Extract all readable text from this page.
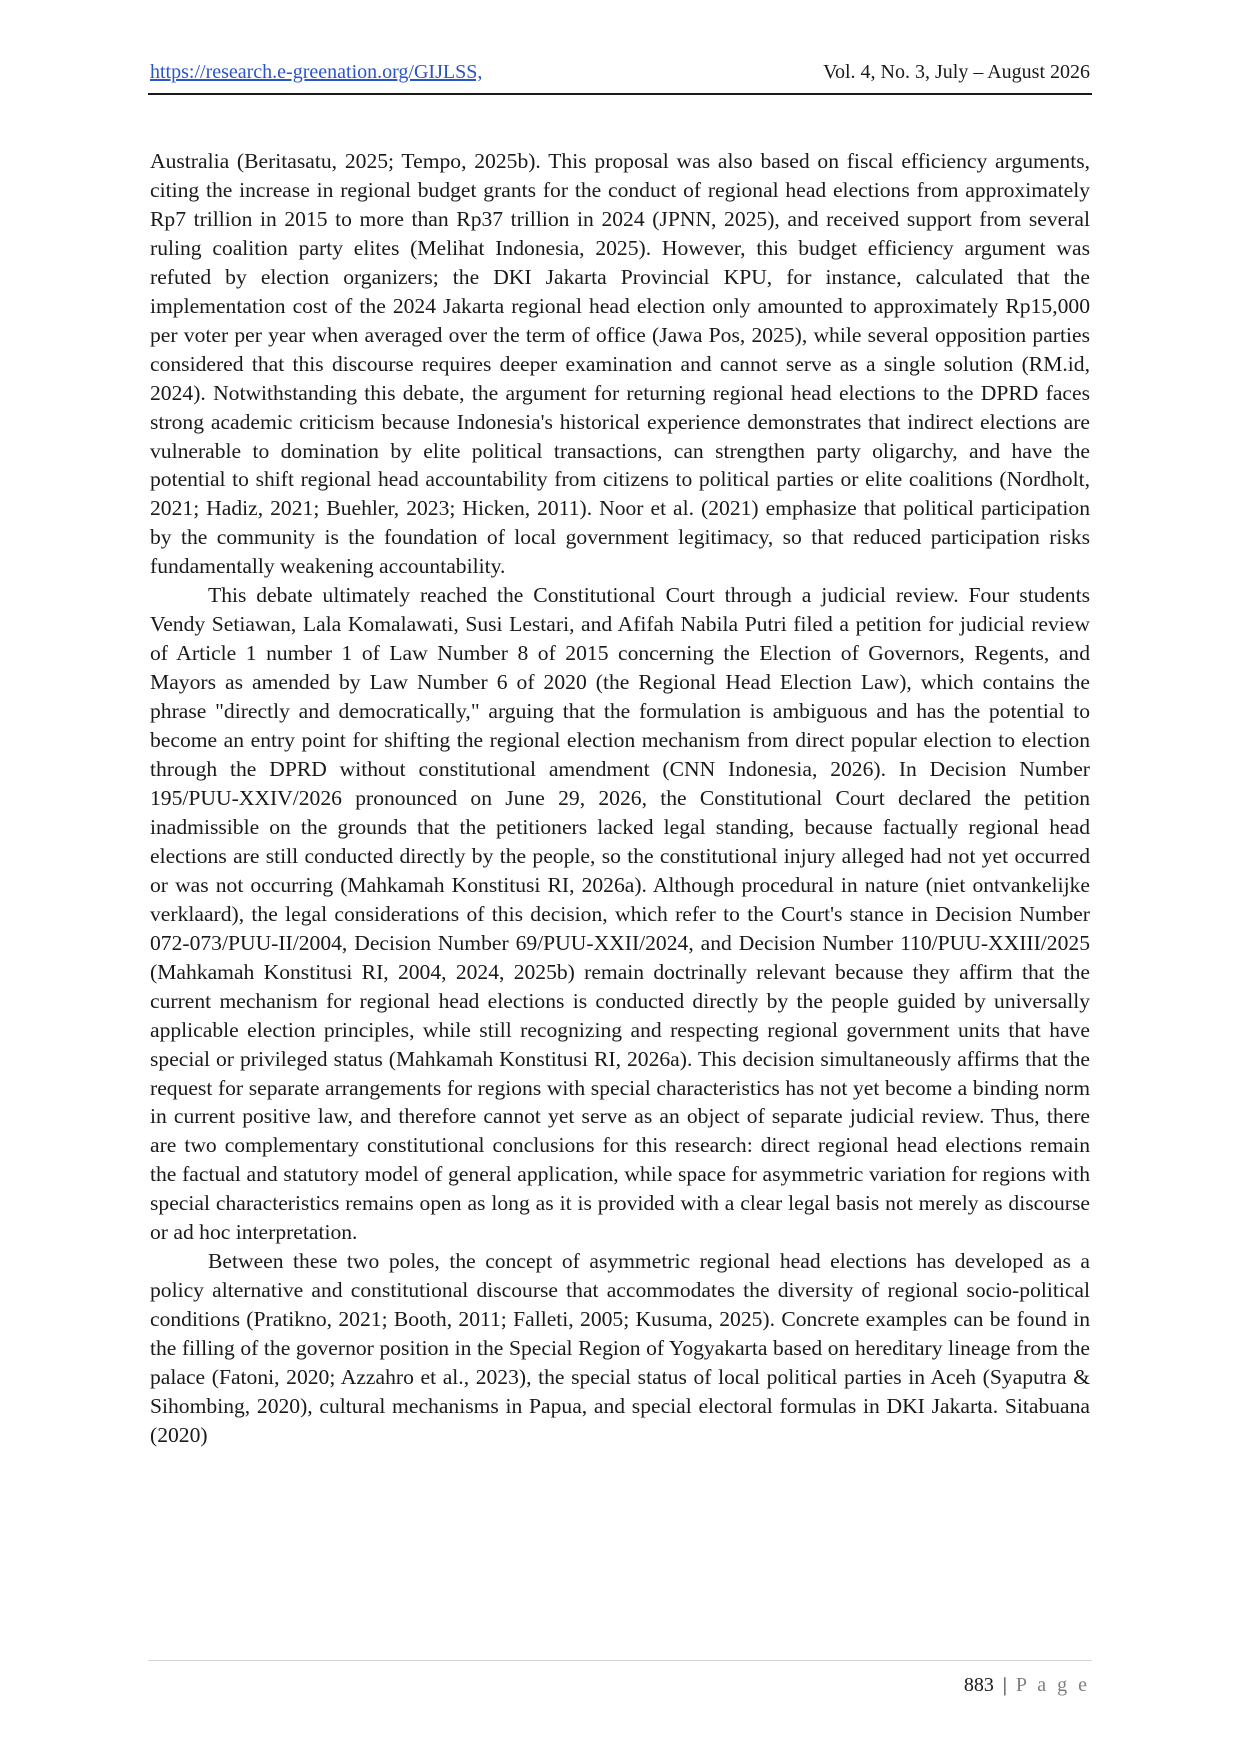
https://research.e-greenation.org/GIJLSS,	Vol. 4, No. 3, July – August 2026

Australia (Beritasatu, 2025; Tempo, 2025b). This proposal was also based on fiscal efficiency arguments, citing the increase in regional budget grants for the conduct of regional head elections from approximately Rp7 trillion in 2015 to more than Rp37 trillion in 2024 (JPNN, 2025), and received support from several ruling coalition party elites (Melihat Indonesia, 2025). However, this budget efficiency argument was refuted by election organizers; the DKI Jakarta Provincial KPU, for instance, calculated that the implementation cost of the 2024 Jakarta regional head election only amounted to approximately Rp15,000 per voter per year when averaged over the term of office (Jawa Pos, 2025), while several opposition parties considered that this discourse requires deeper examination and cannot serve as a single solution (RM.id, 2024). Notwithstanding this debate, the argument for returning regional head elections to the DPRD faces strong academic criticism because Indonesia's historical experience demonstrates that indirect elections are vulnerable to domination by elite political transactions, can strengthen party oligarchy, and have the potential to shift regional head accountability from citizens to political parties or elite coalitions (Nordholt, 2021; Hadiz, 2021; Buehler, 2023; Hicken, 2011). Noor et al. (2021) emphasize that political participation by the community is the foundation of local government legitimacy, so that reduced participation risks fundamentally weakening accountability.

This debate ultimately reached the Constitutional Court through a judicial review. Four students Vendy Setiawan, Lala Komalawati, Susi Lestari, and Afifah Nabila Putri filed a petition for judicial review of Article 1 number 1 of Law Number 8 of 2015 concerning the Election of Governors, Regents, and Mayors as amended by Law Number 6 of 2020 (the Regional Head Election Law), which contains the phrase "directly and democratically," arguing that the formulation is ambiguous and has the potential to become an entry point for shifting the regional election mechanism from direct popular election to election through the DPRD without constitutional amendment (CNN Indonesia, 2026). In Decision Number 195/PUU-XXIV/2026 pronounced on June 29, 2026, the Constitutional Court declared the petition inadmissible on the grounds that the petitioners lacked legal standing, because factually regional head elections are still conducted directly by the people, so the constitutional injury alleged had not yet occurred or was not occurring (Mahkamah Konstitusi RI, 2026a). Although procedural in nature (niet ontvankelijke verklaard), the legal considerations of this decision, which refer to the Court's stance in Decision Number 072-073/PUU-II/2004, Decision Number 69/PUU-XXII/2024, and Decision Number 110/PUU-XXIII/2025 (Mahkamah Konstitusi RI, 2004, 2024, 2025b) remain doctrinally relevant because they affirm that the current mechanism for regional head elections is conducted directly by the people guided by universally applicable election principles, while still recognizing and respecting regional government units that have special or privileged status (Mahkamah Konstitusi RI, 2026a). This decision simultaneously affirms that the request for separate arrangements for regions with special characteristics has not yet become a binding norm in current positive law, and therefore cannot yet serve as an object of separate judicial review. Thus, there are two complementary constitutional conclusions for this research: direct regional head elections remain the factual and statutory model of general application, while space for asymmetric variation for regions with special characteristics remains open as long as it is provided with a clear legal basis not merely as discourse or ad hoc interpretation.

Between these two poles, the concept of asymmetric regional head elections has developed as a policy alternative and constitutional discourse that accommodates the diversity of regional socio-political conditions (Pratikno, 2021; Booth, 2011; Falleti, 2005; Kusuma, 2025). Concrete examples can be found in the filling of the governor position in the Special Region of Yogyakarta based on hereditary lineage from the palace (Fatoni, 2020; Azzahro et al., 2023), the special status of local political parties in Aceh (Syaputra & Sihombing, 2020), cultural mechanisms in Papua, and special electoral formulas in DKI Jakarta. Sitabuana (2020)

883 | P a g e
